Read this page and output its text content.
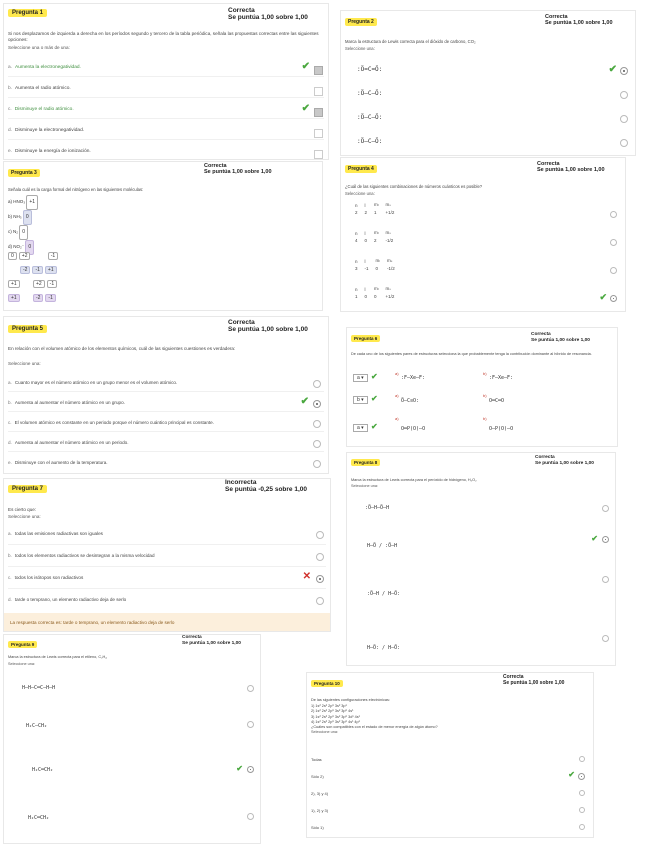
Pregunta 1	Correcta
Se puntúa 1,00 sobre 1,00
Si nos desplazamos de izquierda a derecha en los períodos segundo y tercero de la tabla periódica, señala las propuestas correctas entre las siguientes opciones:
Seleccione una o más de una:
a. Aumenta la electronegatividad.	✔
b. Aumenta el radio atómico.
c. Disminuye el radio atómico.	✔
d. Disminuye la electronegatividad.
e. Disminuye la energía de ionización.
Pregunta 2
Correcta
Se puntúa 1,00 sobre 1,00
Marca la estructura de Lewis correcta para el dióxido de carbono, CO₂
Seleccione una:
:Ö=C=Ö:	✔
:Ö—C—Ö:
:Ö—C—Ö:
:Ö—C—Ö:
Pregunta 3
Correcta
Se puntúa 1,00 sobre 1,00
Señala cuál es la carga formal del nitrógeno en las siguientes moléculas:
a) HNO₃ +1
b) NH₃ 0
c) N₂ 0
d) NO₂⁻ 0
0 +2	-1
-2 -1 +1
+1	+2 -1
+1	-2 -1
Pregunta 4
Correcta
Se puntúa 1,00 sobre 1,00
¿Cuál de las siguientes combinaciones de números cuánticos es posible?
Seleccione una:
n	l	mₗ	mₛ
2	2	1	+1/2
n	l	mₗ	mₛ
4	0	2	-1/2
n	l	mₗ	mₛ
3	-1	0	-1/2
n	l	mₗ	mₛ
1	0	0	+1/2	✔
Pregunta 5
Correcta
Se puntúa 1,00 sobre 1,00
En relación con el volumen atómico de los elementos químicos, cuál de las siguientes cuestiones es verdadera:
Seleccione una:
a. Cuanto mayor es el número atómico en un grupo menor es el volumen atómico.
b. Aumenta al aumentar el número atómico en un grupo.	✔
c. El volumen atómico es constante en un periodo porque el número cuántico principal es constante.
d. Aumenta al aumentar el número atómico en un periodo.
e. Disminuye con el aumento de la temperatura.
Pregunta 6
Correcta
Se puntúa 1,00 sobre 1,00
De cada uno de los siguientes pares de estructuras selecciona la que probablemente tenga la contribución dominante al híbrido de resonancia.
a ▾ ✔	a)
:F—Xe—F:
b)
:F—Xe—F:
b ▾ ✔	a)
Ö—C≡O:
b)
O═C═O
a ▾ ✔
a)
O═P(O)—O
b)
O—P(O)—O
Pregunta 8
Correcta
Se puntúa 1,00 sobre 1,00
Marca la estructura de Lewis correcta para el peróxido de hidrógeno, H₂O₂
Seleccione una:
:Ö—H—Ö—H
H—Ö / :Ö—H
✔
:Ö—H / H—Ö:
H—Ö: / H—Ö:
Pregunta 7
Incorrecta
Se puntúa -0,25 sobre 1,00
Es cierto que:
Seleccione una:
a. todas las emisiones radiactivas son iguales
b. todos los elementos radiactivos se desintegran a la misma velocidad
c. todos los isótopos son radiactivos	✕
d. tarde o temprano, un elemento radiactivo deja de serlo
La respuesta correcta es: tarde o temprano, un elemento radiactivo deja de serlo
Pregunta 9
Correcta
Se puntúa 1,00 sobre 1,00
Marca la estructura de Lewis correcta para el etileno, C₂H₄
Seleccione una:
H—H—C═C—H—H
H₂C—CH₂
H₂C═CH₂	✔
H₂C═CH₂
Pregunta 10
Correcta
Se puntúa 1,00 sobre 1,00
De las siguientes configuraciones electrónicas:
1) 1s² 2s² 2p⁶ 3s² 3p¹
2) 1s² 2s² 2p⁶ 3s² 3p⁶ 4s¹
3) 1s² 2s² 2p⁶ 3s² 3p⁶ 3d¹ 4s¹
4) 1s² 2s² 2p⁶ 3s² 3p⁶ 4s¹ 4p¹
¿Cuáles son compatibles con el estado de menor energía de algún átomo?
Seleccione una:
Todas
Sólo 2)	✔
2), 3) y 4)
1), 2) y 3)
Sólo 1)
